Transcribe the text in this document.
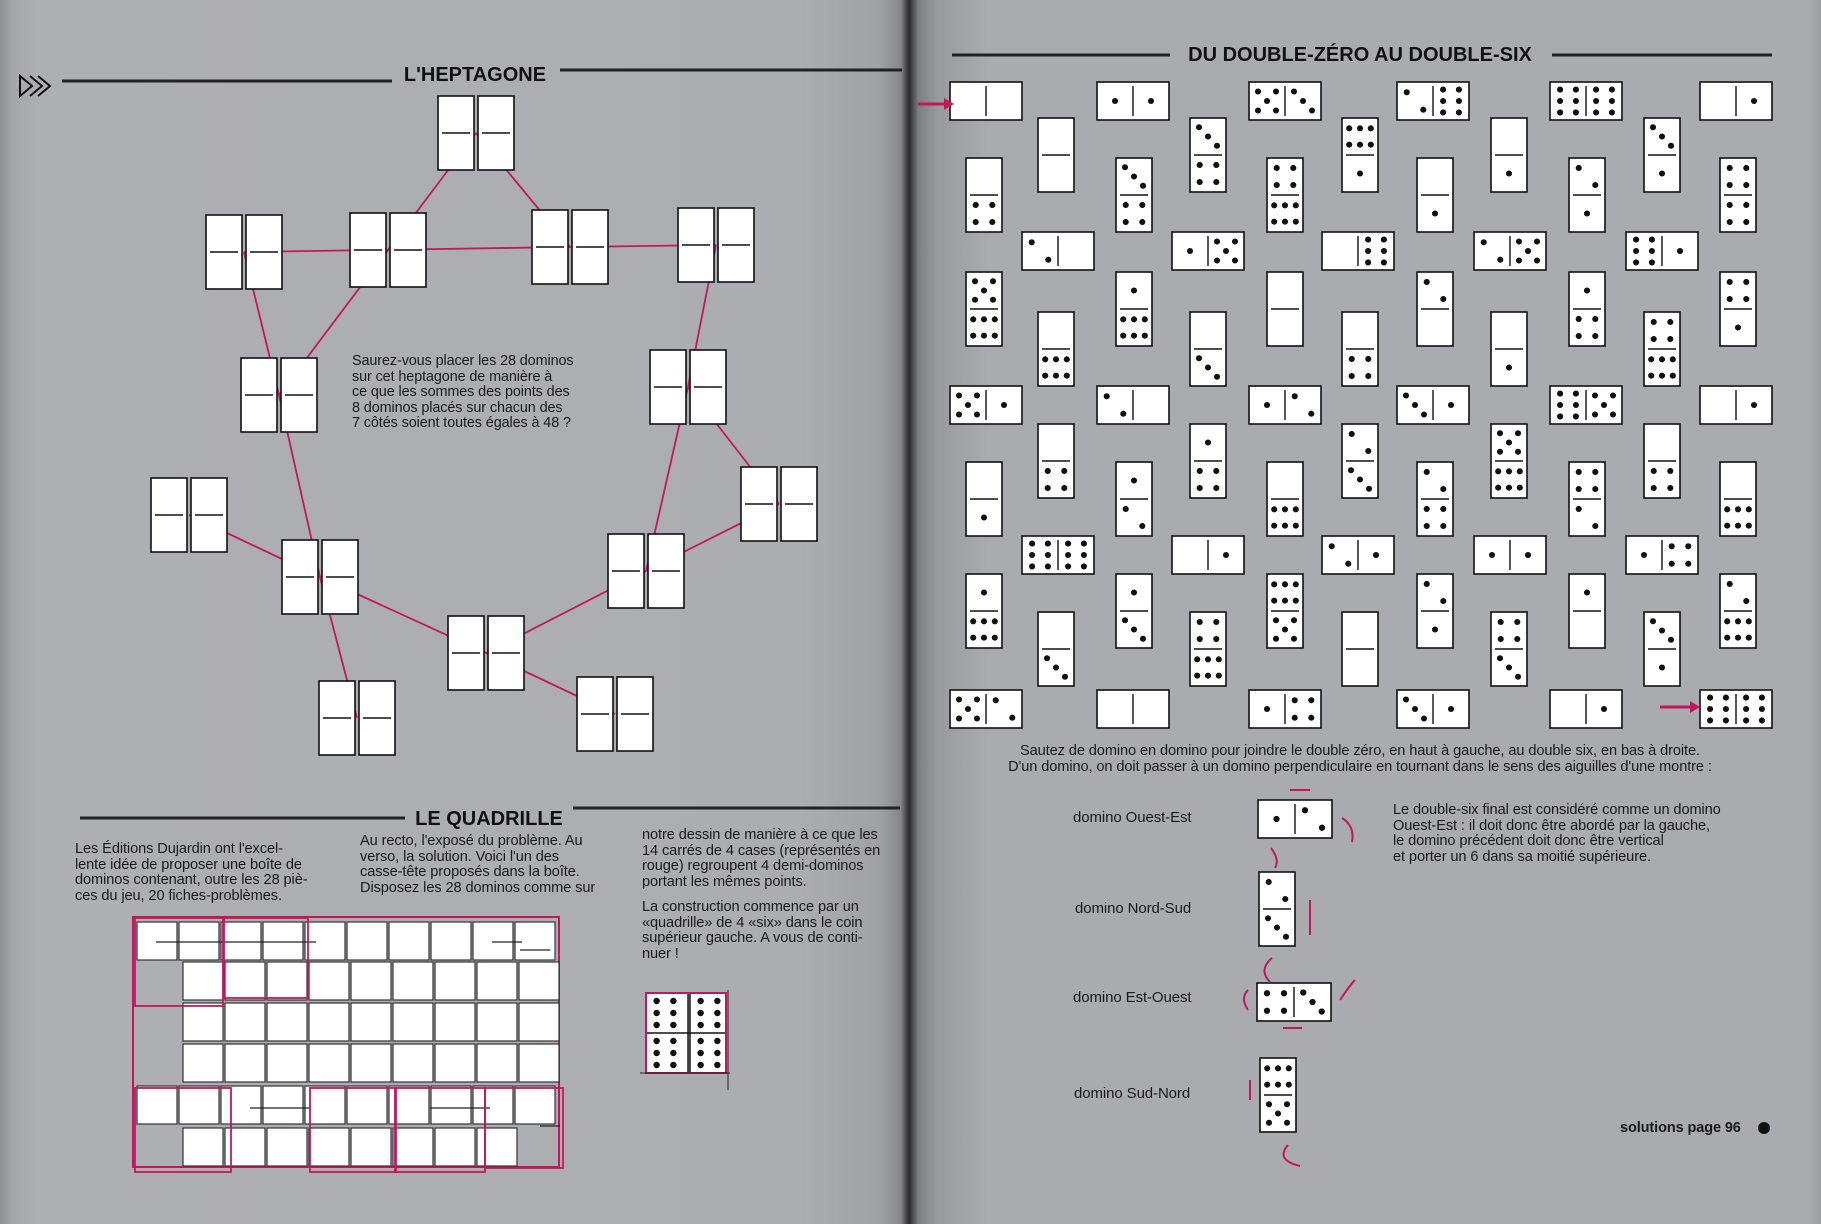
L'HEPTAGONE
LE QUADRILLE
Saurez-vous placer les 28 dominos
sur cet heptagone de manière à
ce que les sommes des points des
8 dominos placés sur chacun des
7 côtés soient toutes égales à 48 ?
Les Éditions Dujardin ont l'excel-
lente idée de proposer une boîte de
dominos contenant, outre les 28 piè-
ces du jeu, 20 fiches-problèmes.
Au recto, l'exposé du problème. Au
verso, la solution. Voici l'un des
casse-tête proposés dans la boîte.
Disposez les 28 dominos comme sur
notre dessin de manière à ce que les
14 carrés de 4 cases (représentés en
rouge) regroupent 4 demi-dominos
portant les mêmes points.
La construction commence par un
«quadrille» de 4 «six» dans le coin
supérieur gauche. A vous de conti-
nuer !
DU DOUBLE-ZÉRO AU DOUBLE-SIX
Sautez de domino en domino pour joindre le double zéro, en haut à gauche, au double six, en bas à droite.
D'un domino, on doit passer à un domino perpendiculaire en tournant dans le sens des aiguilles d'une montre :
domino Ouest-Est
domino Nord-Sud
domino Est-Ouest
domino Sud-Nord
Le double-six final est considéré comme un domino
Ouest-Est : il doit donc être abordé par la gauche,
le domino précédent doit donc être vertical
et porter un 6 dans sa moitié supérieure.
solutions page 96
